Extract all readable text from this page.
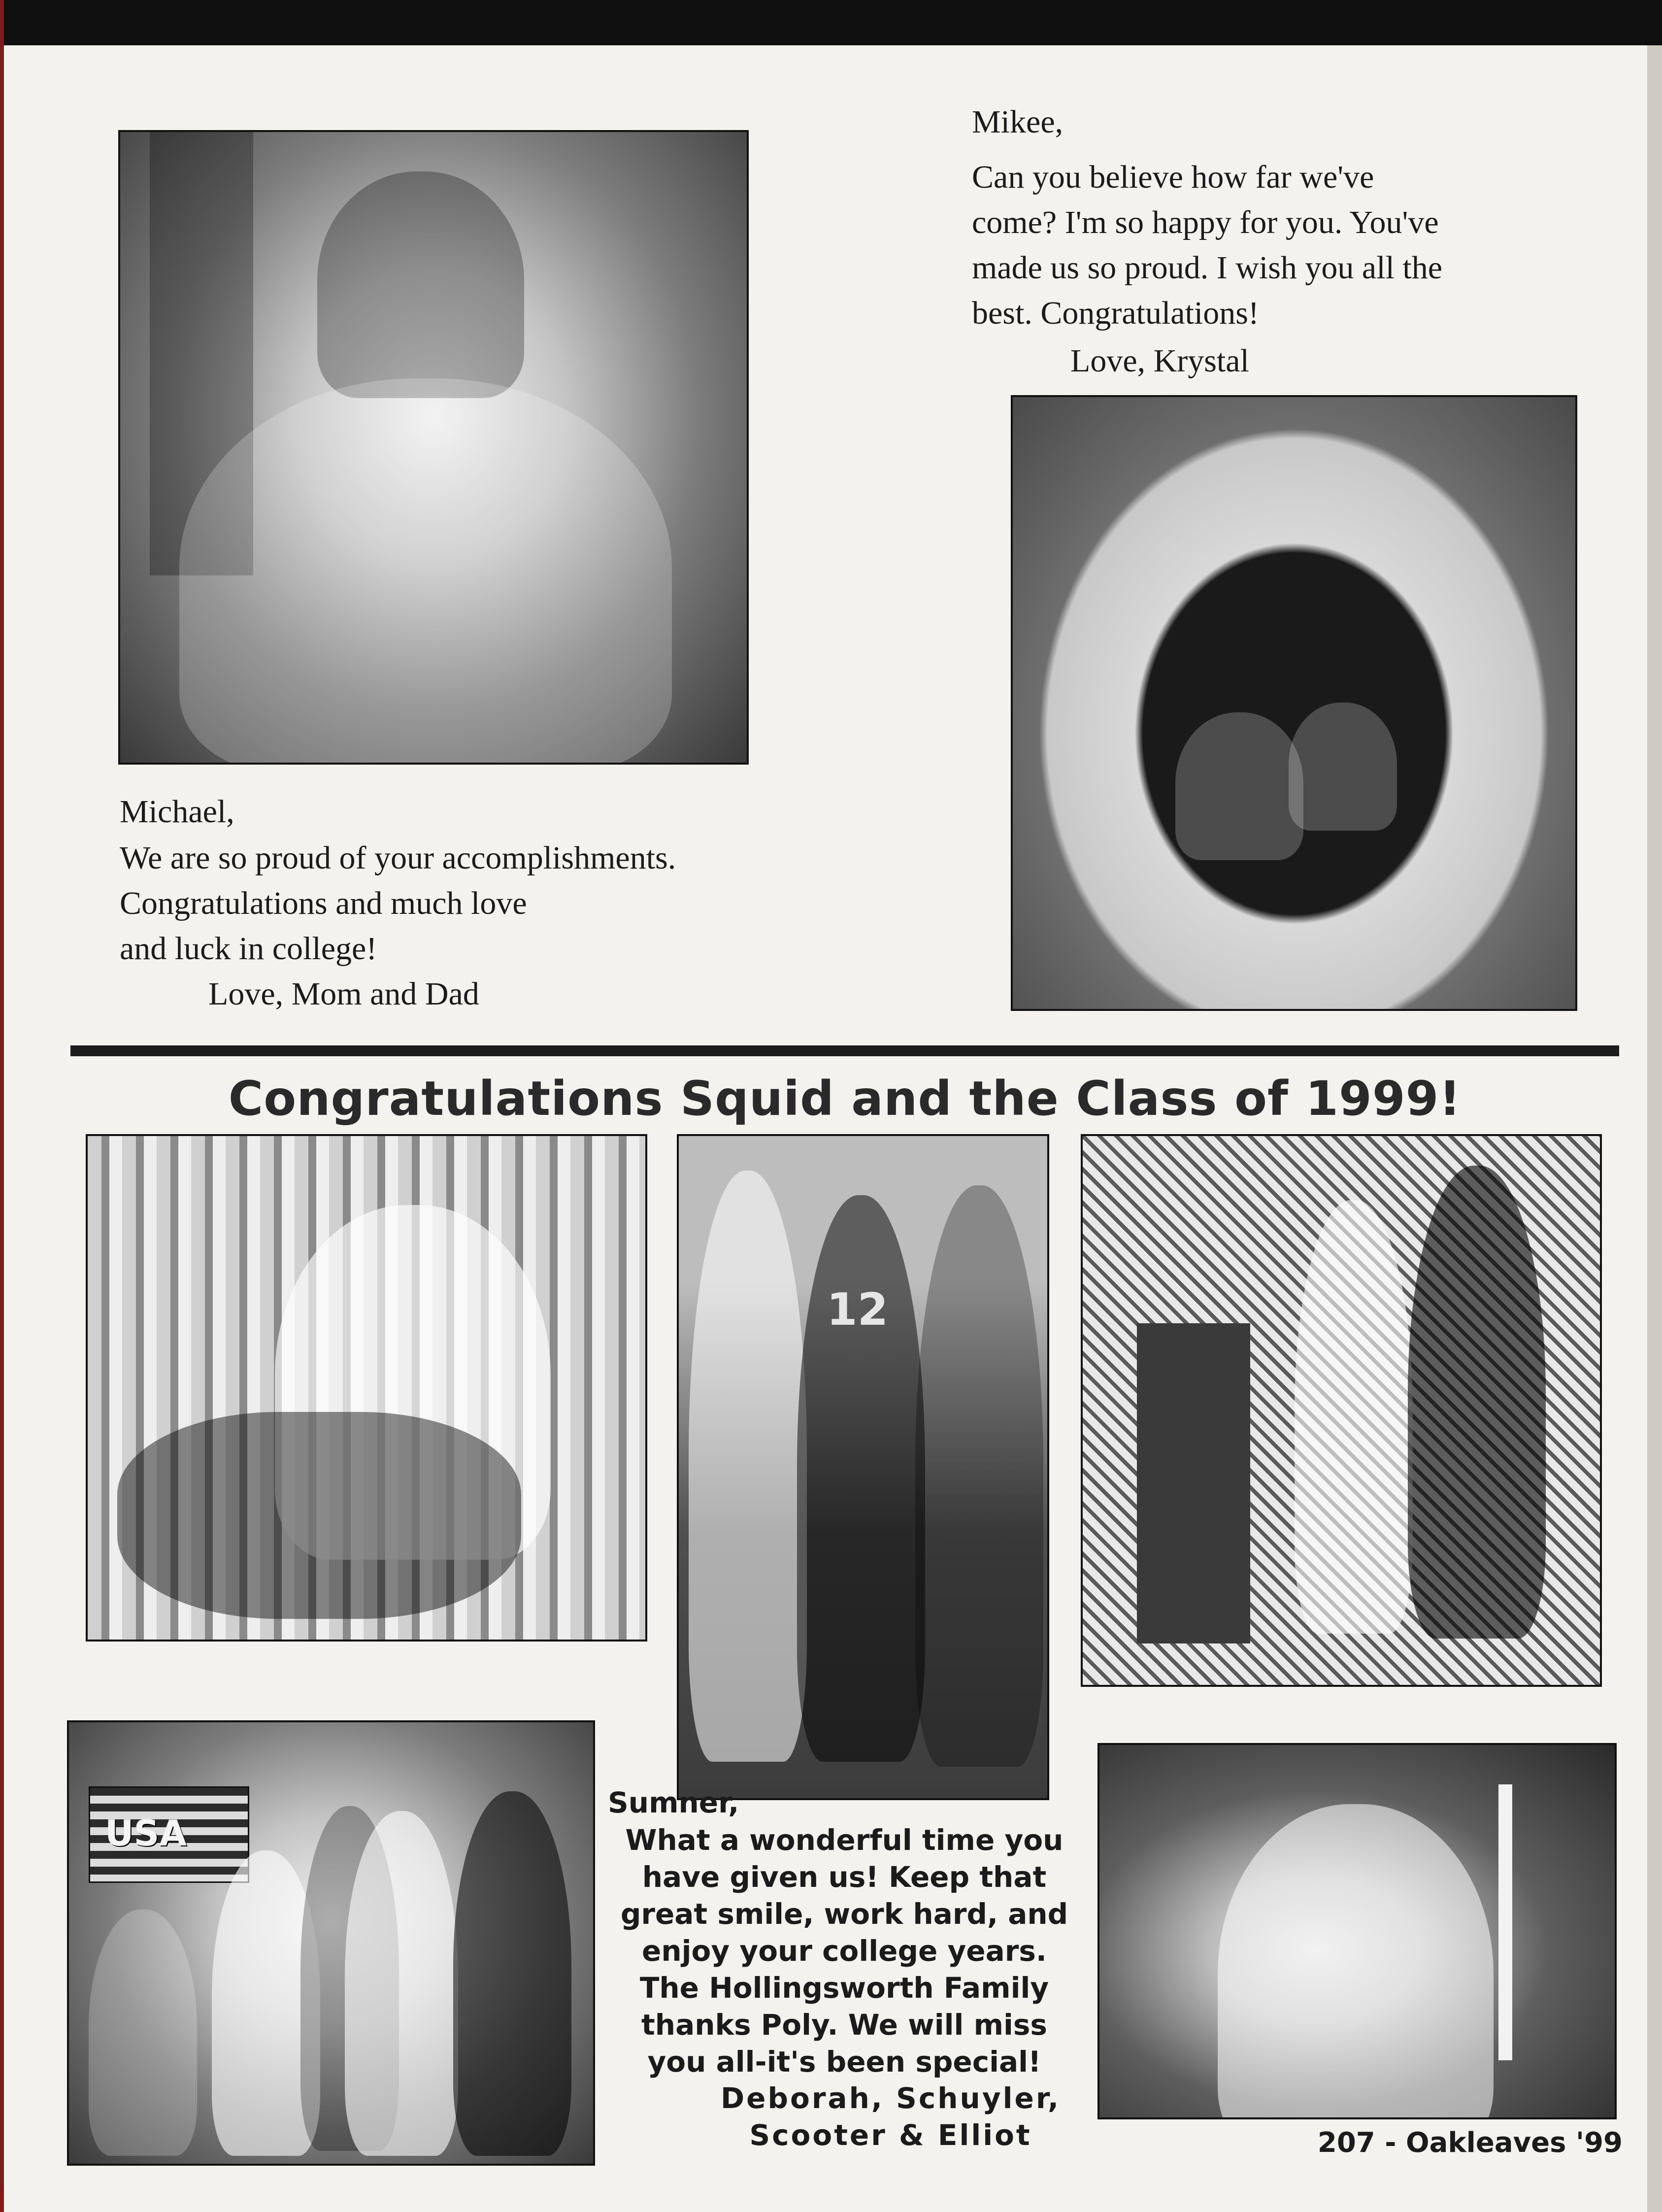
Mikee,
Can you believe how far we've
come? I'm so happy for you. You've
made us so proud. I wish you all the
best. Congratulations!
Love, Krystal
Michael,
We are so proud of your accomplishments.
Congratulations and much love
and luck in college!
Love, Mom and Dad
Congratulations Squid and the Class of 1999!
12
USA
Sumner,
What a wonderful time you
have given us! Keep that
great smile, work hard, and
enjoy your college years.
The Hollingsworth Family
thanks Poly. We will miss
you all-it's been special!
Deborah, Schuyler,
Scooter & Elliot	207 - Oakleaves '99
